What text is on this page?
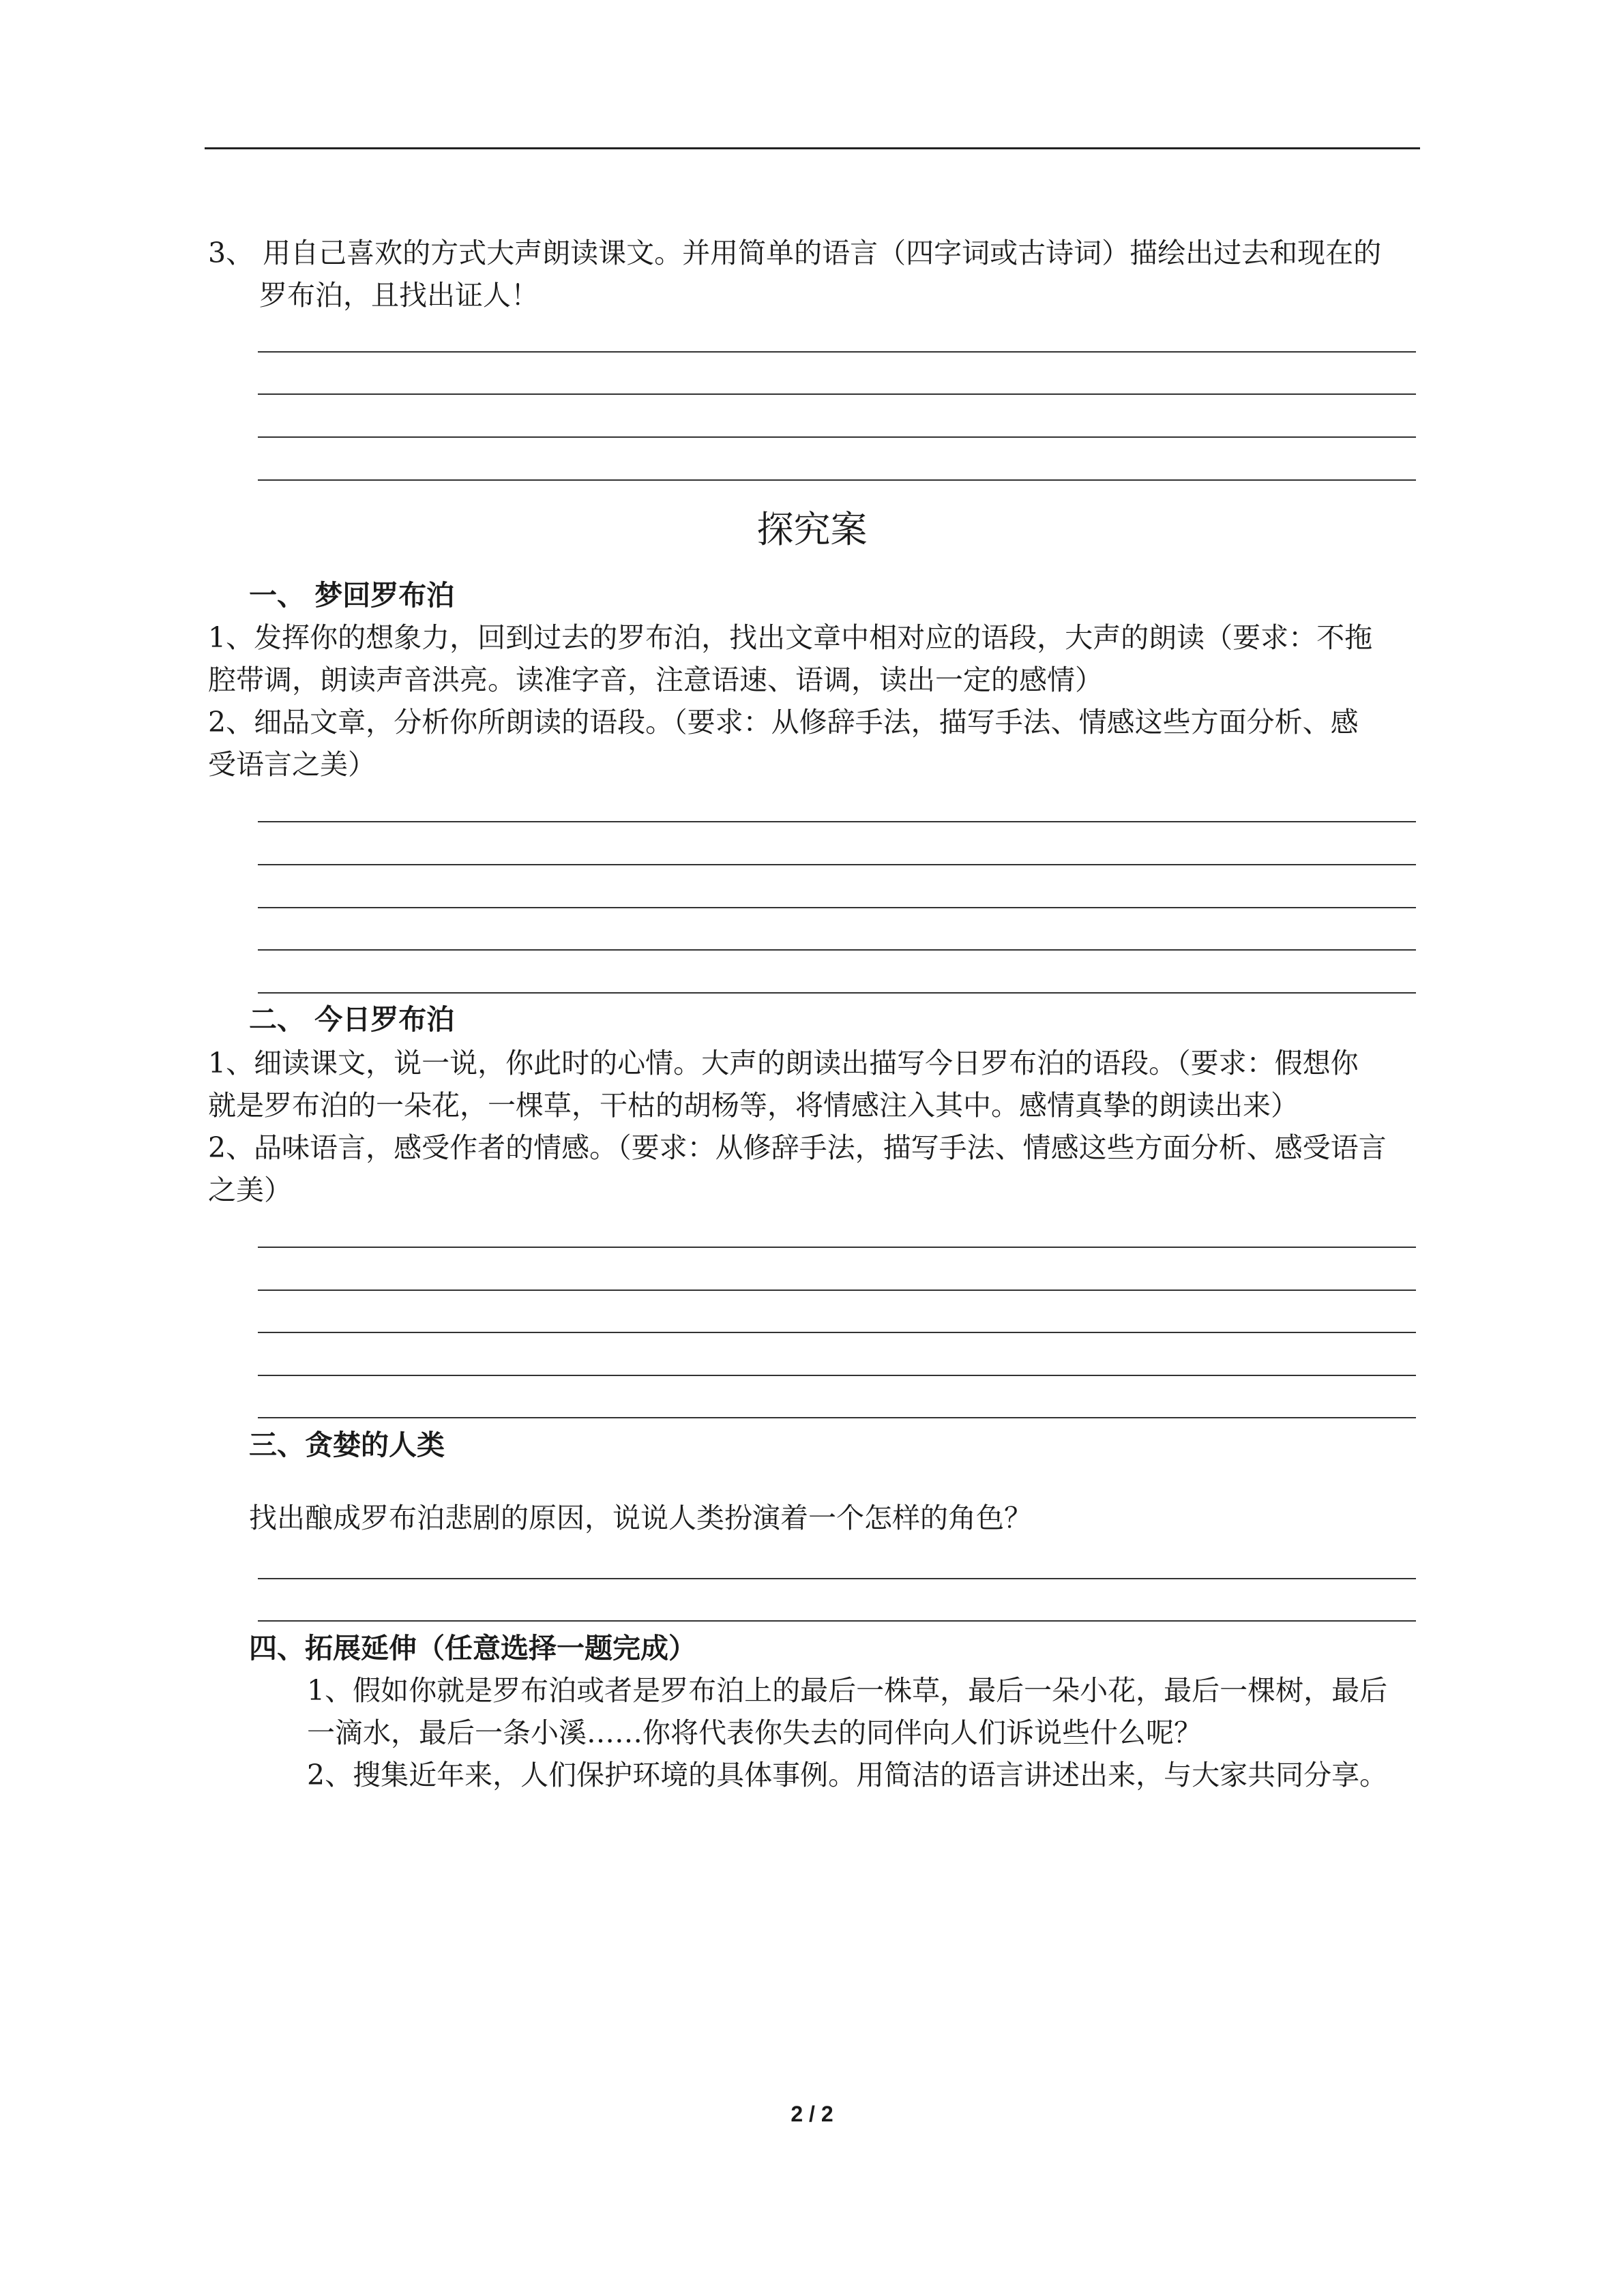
3、 用自己喜欢的方式大声朗读课文。并用简单的语言（四字词或古诗词）描绘出过去和现在的
罗布泊，且找出证人！
探究案
一、 梦回罗布泊
1、发挥你的想象力，回到过去的罗布泊，找出文章中相对应的语段，大声的朗读（要求：不拖
腔带调，朗读声音洪亮。读准字音，注意语速、语调，读出一定的感情）
2、细品文章，分析你所朗读的语段。（要求：从修辞手法，描写手法、情感这些方面分析、感
受语言之美）
二、 今日罗布泊
1、细读课文，说一说，你此时的心情。大声的朗读出描写今日罗布泊的语段。（要求：假想你
就是罗布泊的一朵花，一棵草，干枯的胡杨等，将情感注入其中。感情真挚的朗读出来）
2、品味语言，感受作者的情感。（要求：从修辞手法，描写手法、情感这些方面分析、感受语言
之美）
三、贪婪的人类
找出酿成罗布泊悲剧的原因，说说人类扮演着一个怎样的角色？
四、拓展延伸（任意选择一题完成）
1、假如你就是罗布泊或者是罗布泊上的最后一株草，最后一朵小花，最后一棵树，最后
一滴水，最后一条小溪……你将代表你失去的同伴向人们诉说些什么呢？
2、搜集近年来，人们保护环境的具体事例。用简洁的语言讲述出来，与大家共同分享。
2 / 2
